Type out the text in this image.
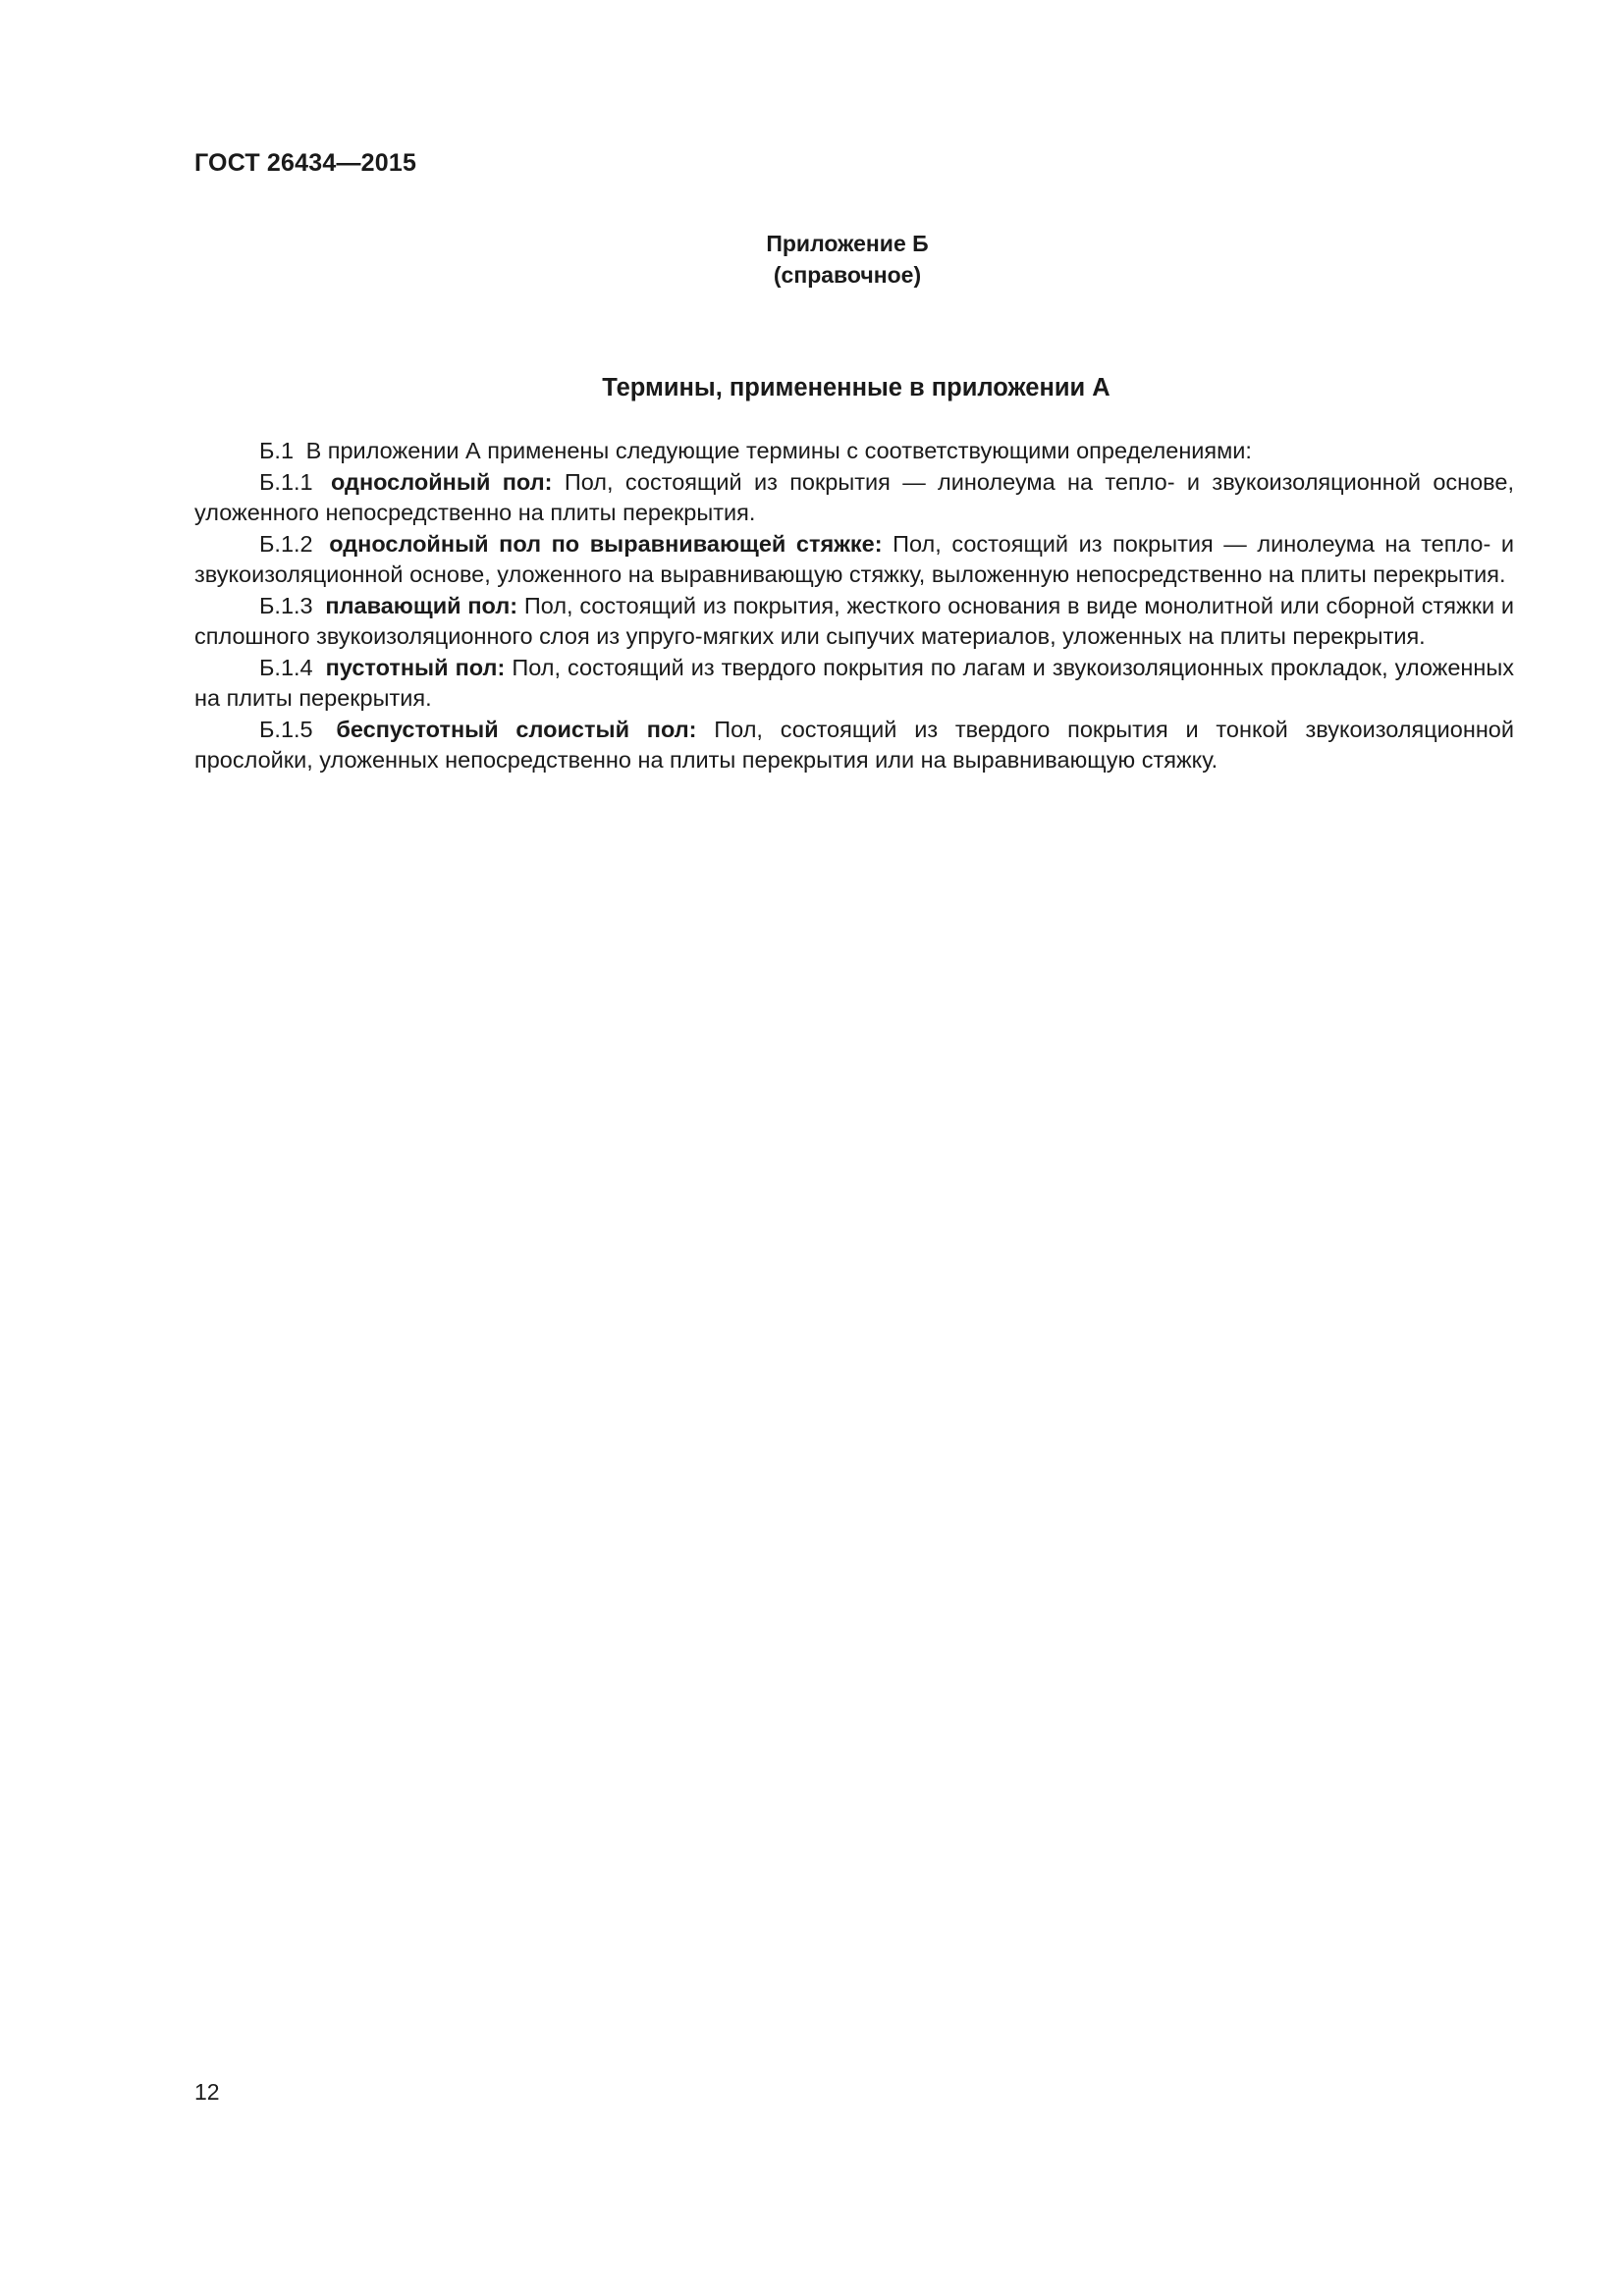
ГОСТ 26434—2015
Приложение Б
(справочное)
Термины, примененные в приложении А

Б.1 В приложении А применены следующие термины с соответствующими определениями:

Б.1.1 однослойный пол: Пол, состоящий из покрытия — линолеума на тепло- и звукоизоляционной основе, уложенного непосредственно на плиты перекрытия.

Б.1.2 однослойный пол по выравнивающей стяжке: Пол, состоящий из покрытия — линолеума на тепло- и звукоизоляционной основе, уложенного на выравнивающую стяжку, выложенную непосредственно на плиты перекрытия.

Б.1.3 плавающий пол: Пол, состоящий из покрытия, жесткого основания в виде монолитной или сборной стяжки и сплошного звукоизоляционного слоя из упруго-мягких или сыпучих материалов, уложенных на плиты перекрытия.

Б.1.4 пустотный пол: Пол, состоящий из твердого покрытия по лагам и звукоизоляционных прокладок, уложенных на плиты перекрытия.

Б.1.5 беспустотный слоистый пол: Пол, состоящий из твердого покрытия и тонкой звукоизоляционной прослойки, уложенных непосредственно на плиты перекрытия или на выравнивающую стяжку.

12
